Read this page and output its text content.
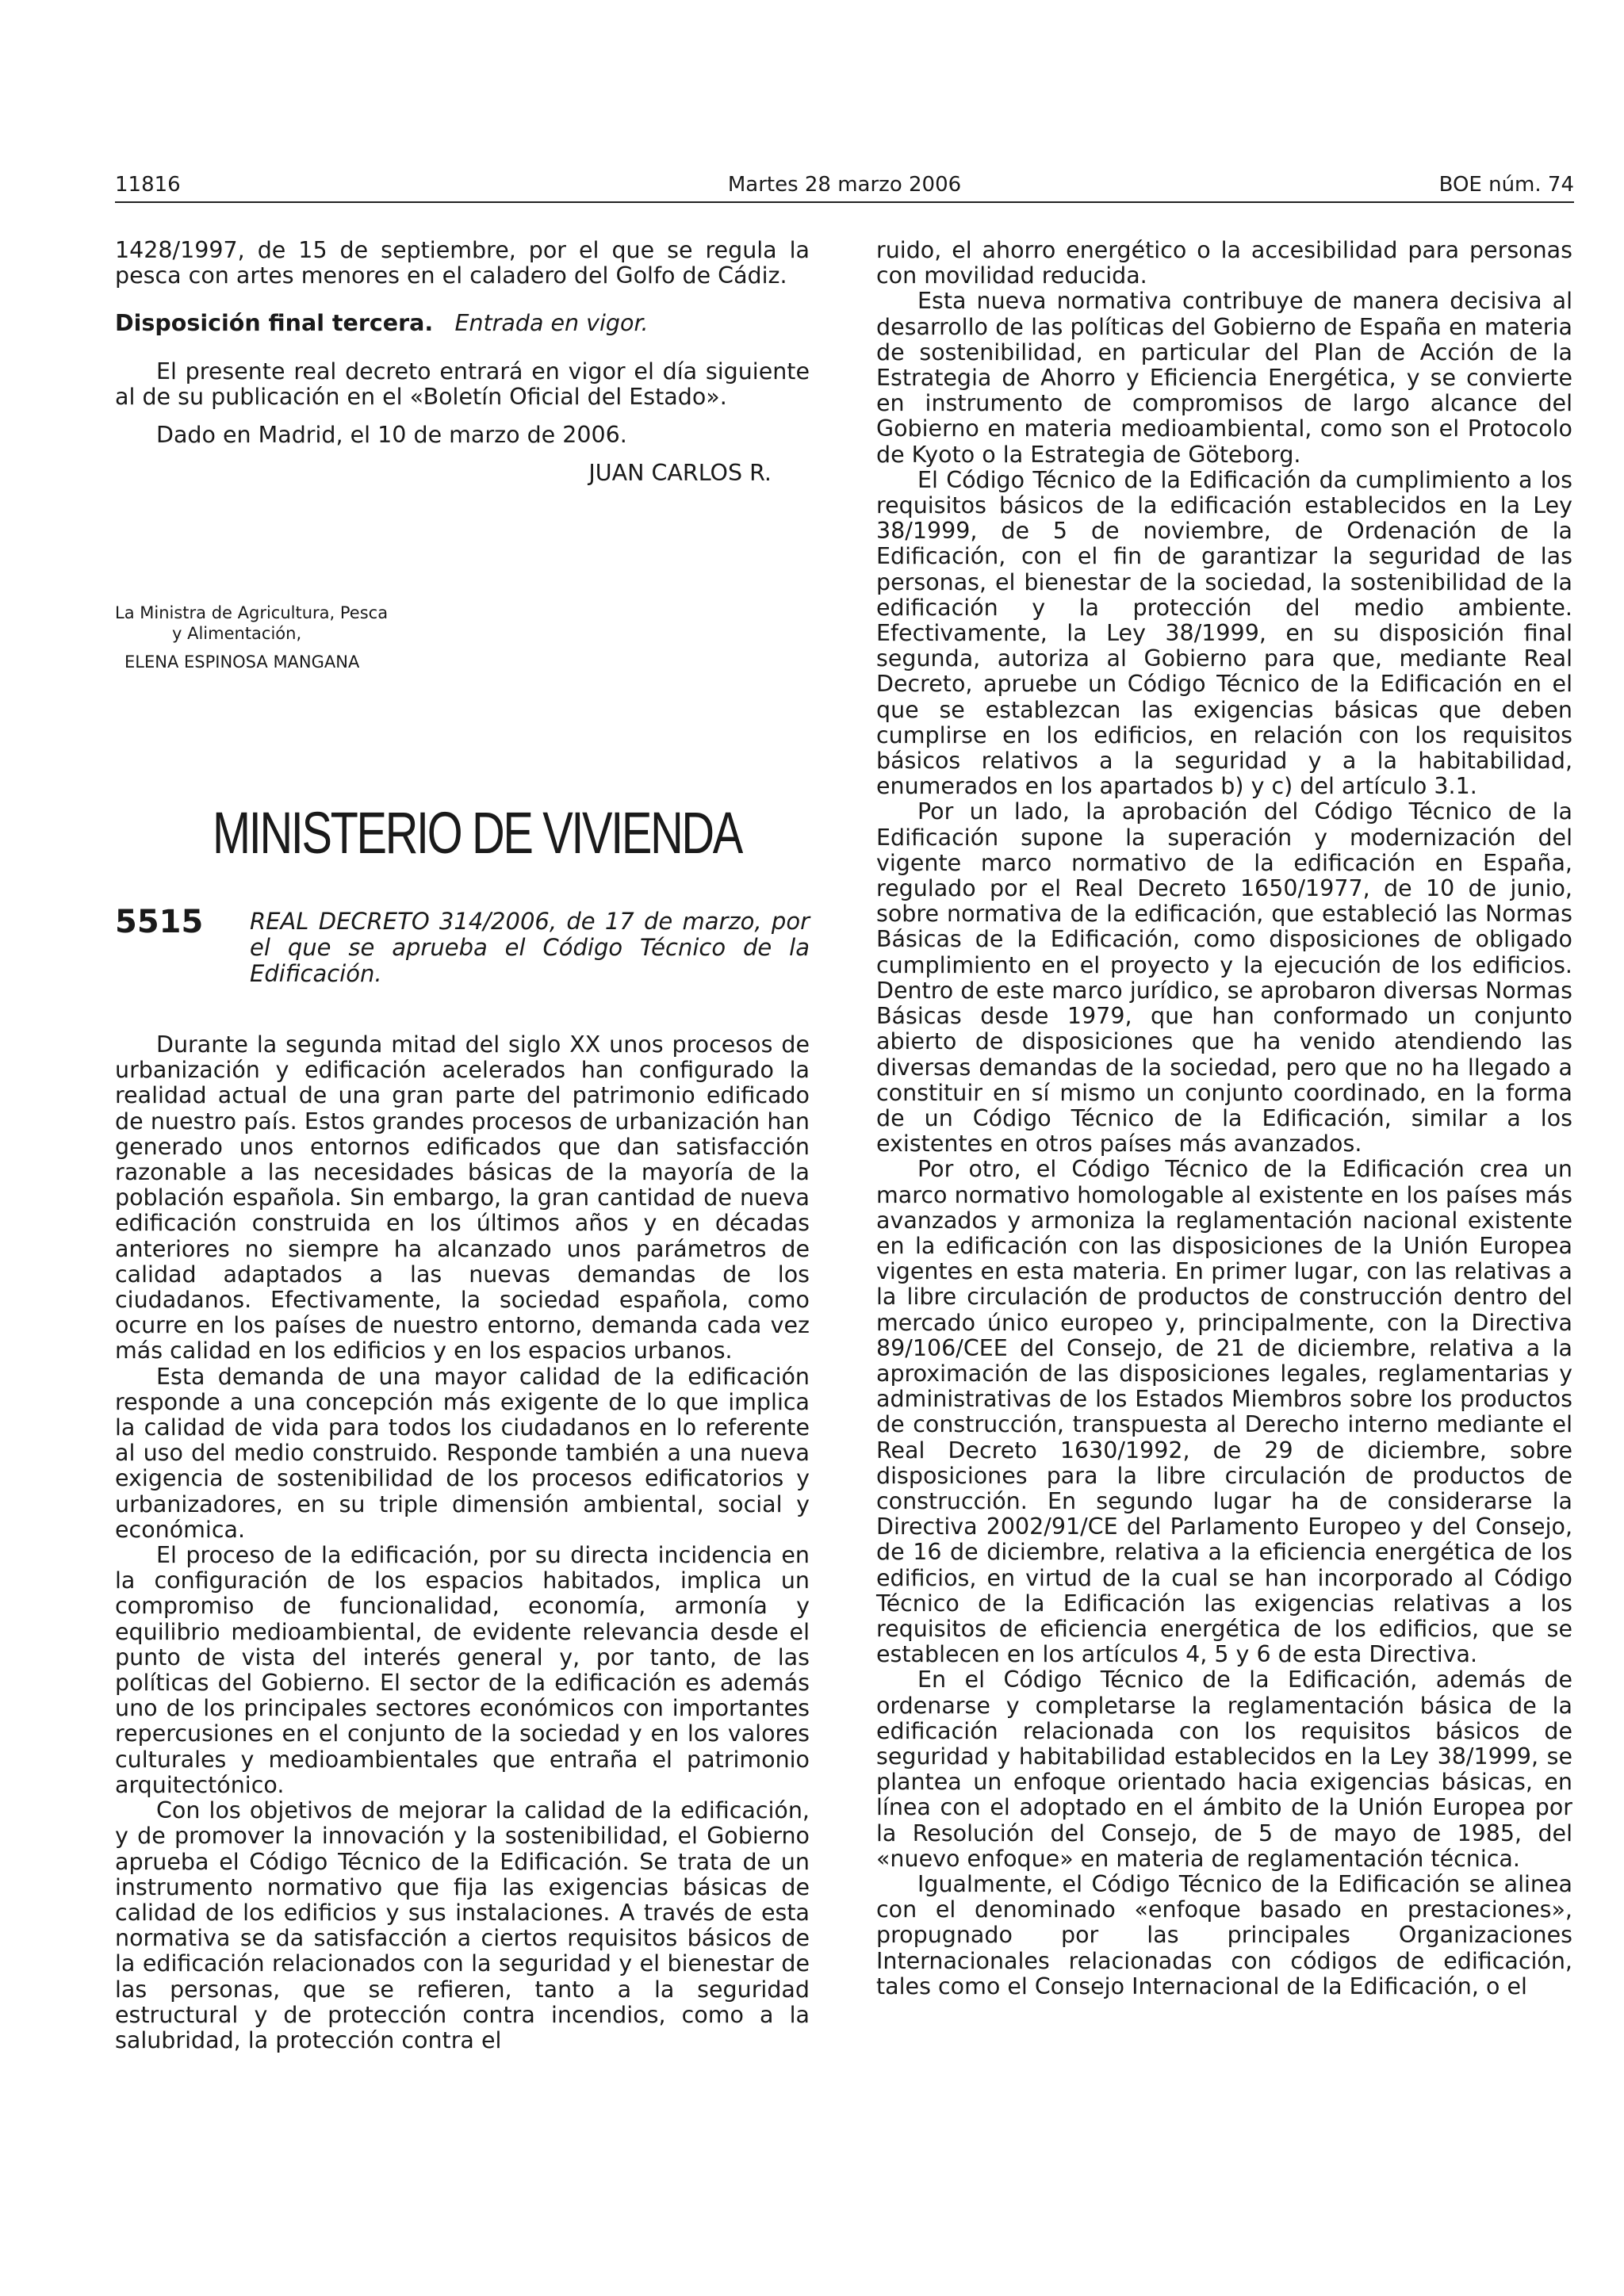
11816	Martes 28 marzo 2006	BOE núm. 74

1428/1997, de 15 de septiembre, por el que se regula la pesca con artes menores en el caladero del Golfo de Cádiz.

Disposición final tercera. Entrada en vigor.

El presente real decreto entrará en vigor el día siguiente al de su publicación en el «Boletín Oficial del Estado».

Dado en Madrid, el 10 de marzo de 2006.

JUAN CARLOS R.

La Ministra de Agricultura, Pesca

y Alimentación,

ELENA ESPINOSA MANGANA

MINISTERIO DE VIVIENDA
5515 REAL DECRETO 314/2006, de 17 de marzo, por el que se aprueba el Código Técnico de la Edificación.

Durante la segunda mitad del siglo XX unos procesos de urbanización y edificación acelerados han configurado la realidad actual de una gran parte del patrimonio edificado de nuestro país. Estos grandes procesos de urbanización han generado unos entornos edificados que dan satisfacción razonable a las necesidades básicas de la mayoría de la población española. Sin embargo, la gran cantidad de nueva edificación construida en los últimos años y en décadas anteriores no siempre ha alcanzado unos parámetros de calidad adaptados a las nuevas demandas de los ciudadanos. Efectivamente, la sociedad española, como ocurre en los países de nuestro entorno, demanda cada vez más calidad en los edificios y en los espacios urbanos.

Esta demanda de una mayor calidad de la edificación responde a una concepción más exigente de lo que implica la calidad de vida para todos los ciudadanos en lo referente al uso del medio construido. Responde también a una nueva exigencia de sostenibilidad de los procesos edificatorios y urbanizadores, en su triple dimensión ambiental, social y económica.

El proceso de la edificación, por su directa incidencia en la configuración de los espacios habitados, implica un compromiso de funcionalidad, economía, armonía y equilibrio medioambiental, de evidente relevancia desde el punto de vista del interés general y, por tanto, de las políticas del Gobierno. El sector de la edificación es además uno de los principales sectores económicos con importantes repercusiones en el conjunto de la sociedad y en los valores culturales y medioambientales que entraña el patrimonio arquitectónico.

Con los objetivos de mejorar la calidad de la edificación, y de promover la innovación y la sostenibilidad, el Gobierno aprueba el Código Técnico de la Edificación. Se trata de un instrumento normativo que fija las exigencias básicas de calidad de los edificios y sus instalaciones. A través de esta normativa se da satisfacción a ciertos requisitos básicos de la edificación relacionados con la seguridad y el bienestar de las personas, que se refieren, tanto a la seguridad estructural y de protección contra incendios, como a la salubridad, la protección contra el

ruido, el ahorro energético o la accesibilidad para personas con movilidad reducida.

Esta nueva normativa contribuye de manera decisiva al desarrollo de las políticas del Gobierno de España en materia de sostenibilidad, en particular del Plan de Acción de la Estrategia de Ahorro y Eficiencia Energética, y se convierte en instrumento de compromisos de largo alcance del Gobierno en materia medioambiental, como son el Protocolo de Kyoto o la Estrategia de Göteborg.

El Código Técnico de la Edificación da cumplimiento a los requisitos básicos de la edificación establecidos en la Ley 38/1999, de 5 de noviembre, de Ordenación de la Edificación, con el fin de garantizar la seguridad de las personas, el bienestar de la sociedad, la sostenibilidad de la edificación y la protección del medio ambiente. Efectivamente, la Ley 38/1999, en su disposición final segunda, autoriza al Gobierno para que, mediante Real Decreto, apruebe un Código Técnico de la Edificación en el que se establezcan las exigencias básicas que deben cumplirse en los edificios, en relación con los requisitos básicos relativos a la seguridad y a la habitabilidad, enumerados en los apartados b) y c) del artículo 3.1.

Por un lado, la aprobación del Código Técnico de la Edificación supone la superación y modernización del vigente marco normativo de la edificación en España, regulado por el Real Decreto 1650/1977, de 10 de junio, sobre normativa de la edificación, que estableció las Normas Básicas de la Edificación, como disposiciones de obligado cumplimiento en el proyecto y la ejecución de los edificios. Dentro de este marco jurídico, se aprobaron diversas Normas Básicas desde 1979, que han conformado un conjunto abierto de disposiciones que ha venido atendiendo las diversas demandas de la sociedad, pero que no ha llegado a constituir en sí mismo un conjunto coordinado, en la forma de un Código Técnico de la Edificación, similar a los existentes en otros países más avanzados.

Por otro, el Código Técnico de la Edificación crea un marco normativo homologable al existente en los países más avanzados y armoniza la reglamentación nacional existente en la edificación con las disposiciones de la Unión Europea vigentes en esta materia. En primer lugar, con las relativas a la libre circulación de productos de construcción dentro del mercado único europeo y, principalmente, con la Directiva 89/106/CEE del Consejo, de 21 de diciembre, relativa a la aproximación de las disposiciones legales, reglamentarias y administrativas de los Estados Miembros sobre los productos de construcción, transpuesta al Derecho interno mediante el Real Decreto 1630/1992, de 29 de diciembre, sobre disposiciones para la libre circulación de productos de construcción. En segundo lugar ha de considerarse la Directiva 2002/91/CE del Parlamento Europeo y del Consejo, de 16 de diciembre, relativa a la eficiencia energética de los edificios, en virtud de la cual se han incorporado al Código Técnico de la Edificación las exigencias relativas a los requisitos de eficiencia energética de los edificios, que se establecen en los artículos 4, 5 y 6 de esta Directiva.

En el Código Técnico de la Edificación, además de ordenarse y completarse la reglamentación básica de la edificación relacionada con los requisitos básicos de seguridad y habitabilidad establecidos en la Ley 38/1999, se plantea un enfoque orientado hacia exigencias básicas, en línea con el adoptado en el ámbito de la Unión Europea por la Resolución del Consejo, de 5 de mayo de 1985, del «nuevo enfoque» en materia de reglamentación técnica.

Igualmente, el Código Técnico de la Edificación se alinea con el denominado «enfoque basado en prestaciones», propugnado por las principales Organizaciones Internacionales relacionadas con códigos de edificación, tales como el Consejo Internacional de la Edificación, o el
